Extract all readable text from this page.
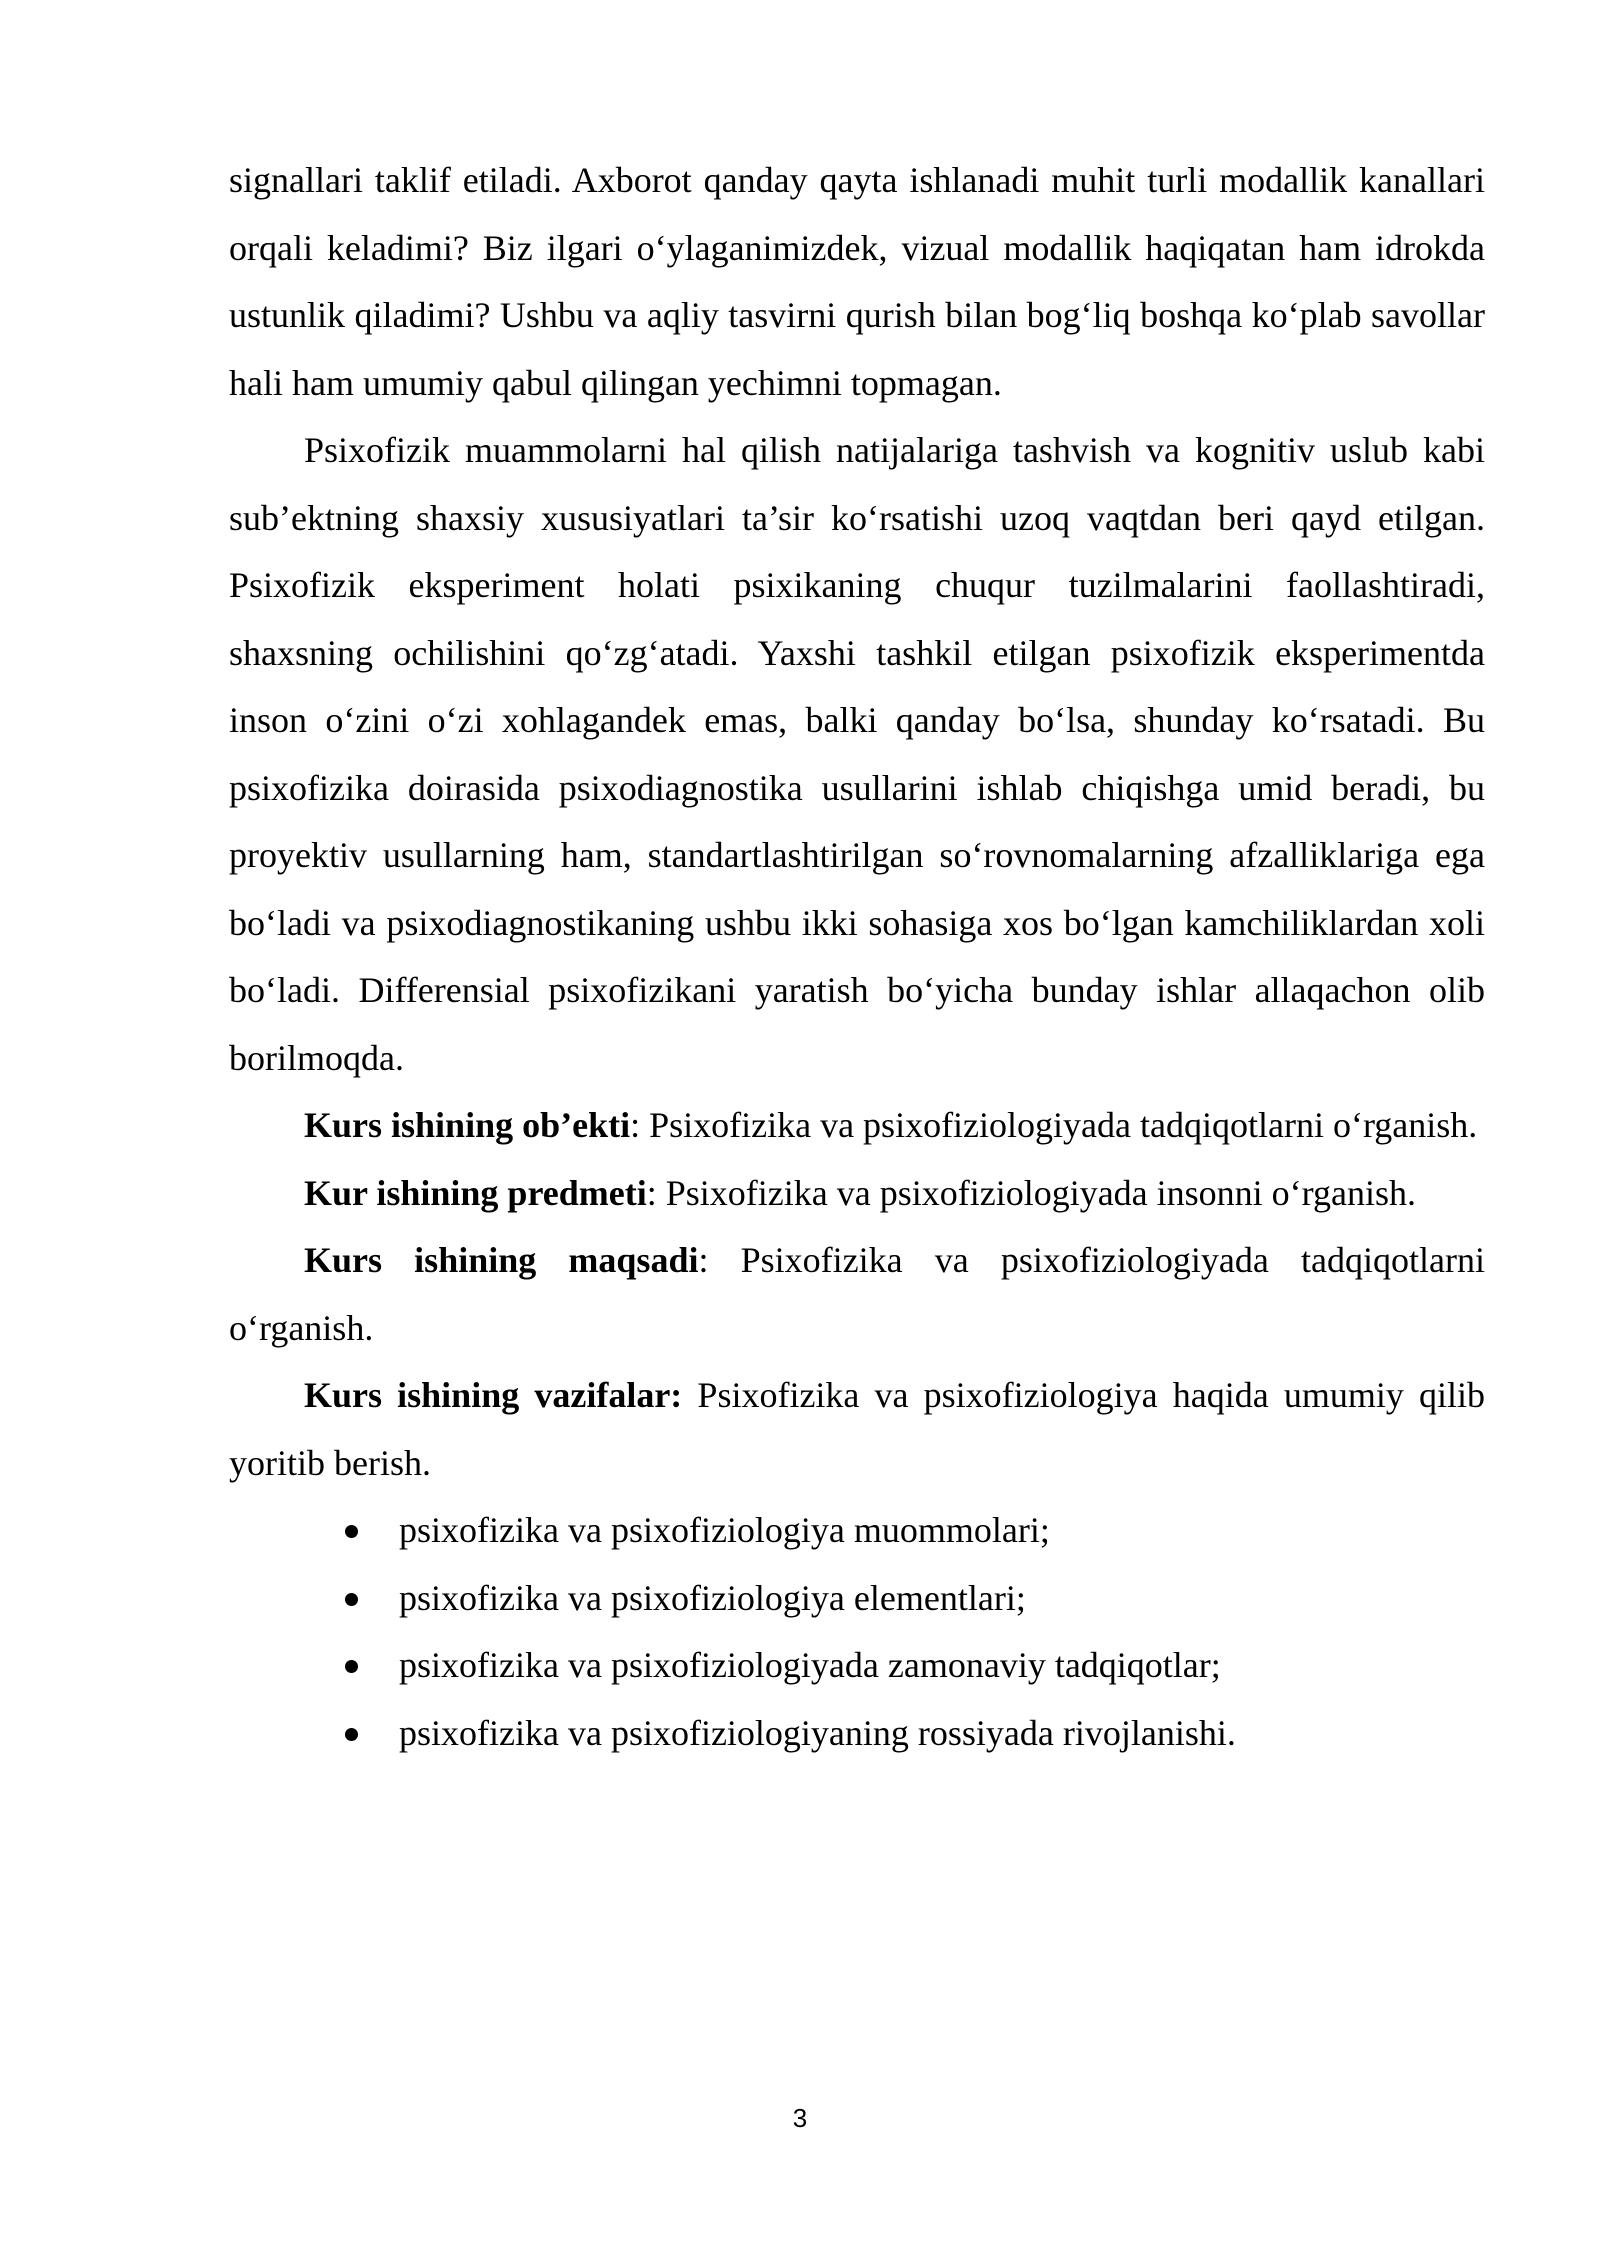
signallari taklif etiladi. Axborot qanday qayta ishlanadi muhit turli modallik kanallari orqali keladimi? Biz ilgari o‘ylaganimizdek, vizual modallik haqiqatan ham idrokda ustunlik qiladimi? Ushbu va aqliy tasvirni qurish bilan bog‘liq boshqa ko‘plab savollar hali ham umumiy qabul qilingan yechimni topmagan.

Psixofizik muammolarni hal qilish natijalariga tashvish va kognitiv uslub kabi sub’ektning shaxsiy xususiyatlari ta’sir ko‘rsatishi uzoq vaqtdan beri qayd etilgan. Psixofizik eksperiment holati psixikaning chuqur tuzilmalarini faollashtiradi, shaxsning ochilishini qo‘zg‘atadi. Yaxshi tashkil etilgan psixofizik eksperimentda inson o‘zini o‘zi xohlagandek emas, balki qanday bo‘lsa, shunday ko‘rsatadi. Bu psixofizika doirasida psixodiagnostika usullarini ishlab chiqishga umid beradi, bu proyektiv usullarning ham, standartlashtirilgan so‘rovnomalarning afzalliklariga ega bo‘ladi va psixodiagnostikaning ushbu ikki sohasiga xos bo‘lgan kamchiliklardan xoli bo‘ladi. Differensial psixofizikani yaratish bo‘yicha bunday ishlar allaqachon olib borilmoqda.

Kurs ishining ob’ekti: Psixofizika va psixofiziologiyada tadqiqotlarni o‘rganish.

Kur ishining predmeti: Psixofizika va psixofiziologiyada insonni o‘rganish.

Kurs ishining maqsadi: Psixofizika va psixofiziologiyada tadqiqotlarni o‘rganish.

Kurs ishining vazifalar: Psixofizika va psixofiziologiya haqida umumiy qilib yoritib berish.

psixofizika va psixofiziologiya muommolari;
psixofizika va psixofiziologiya elementlari;
psixofizika va psixofiziologiyada zamonaviy tadqiqotlar;
psixofizika va psixofiziologiyaning rossiyada rivojlanishi.
3
